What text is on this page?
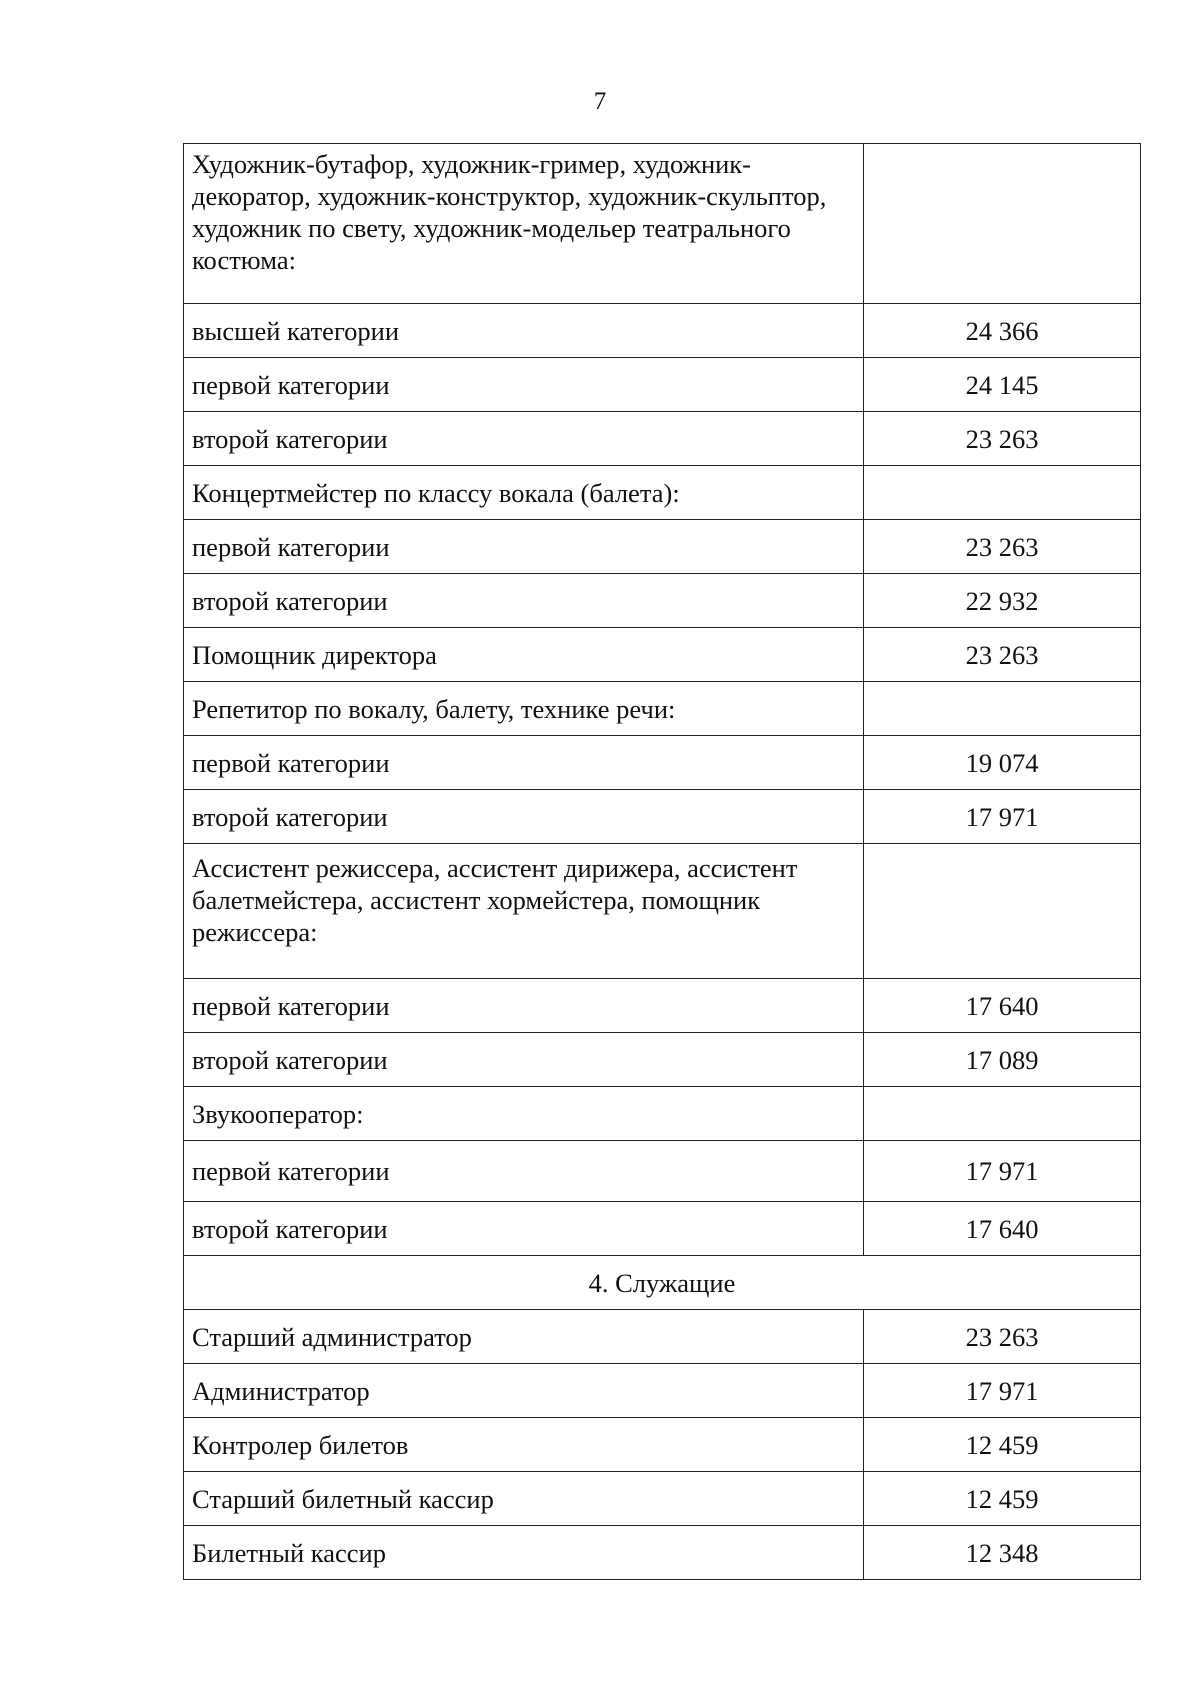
7
Художник-бутафор, художник-гример, художник-декоратор, художник-конструктор, художник-скульптор, художник по свету, художник-модельер театрального костюма:	
высшей категории	24 366
первой категории	24 145
второй категории	23 263
Концертмейстер по классу вокала (балета):	
первой категории	23 263
второй категории	22 932
Помощник директора	23 263
Репетитор по вокалу, балету, технике речи:	
первой категории	19 074
второй категории	17 971
Ассистент режиссера, ассистент дирижера, ассистент балетмейстера, ассистент хормейстера, помощник режиссера:	
первой категории	17 640
второй категории	17 089
Звукооператор:	
первой категории	17 971
второй категории	17 640
4. Служащие	
Старший администратор	23 263
Администратор	17 971
Контролер билетов	12 459
Старший билетный кассир	12 459
Билетный кассир	12 348
